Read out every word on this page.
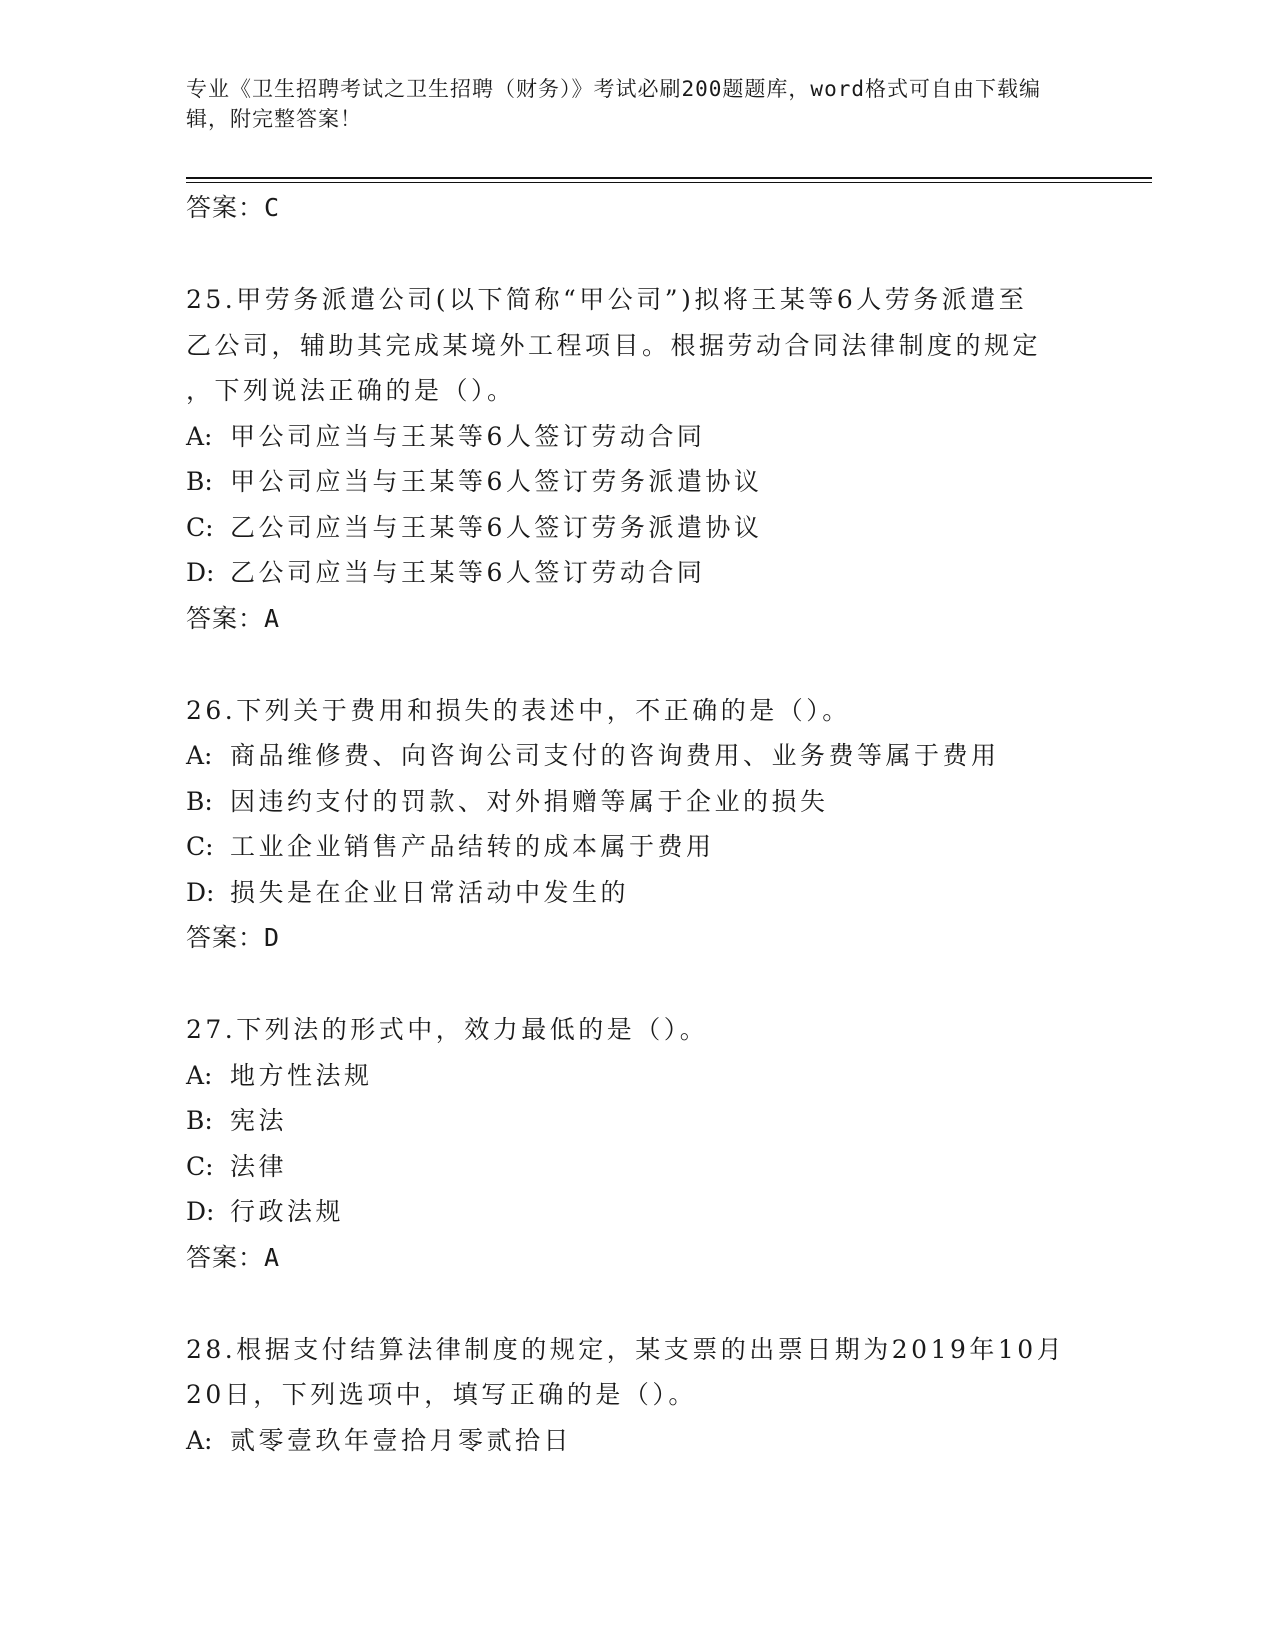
专业《卫生招聘考试之卫生招聘（财务）》考试必刷200题题库，word格式可自由下载编辑，附完整答案！
答案：C
25.甲劳务派遣公司(以下简称“甲公司”)拟将王某等6人劳务派遣至
乙公司，辅助其完成某境外工程项目。根据劳动合同法律制度的规定
，下列说法正确的是（）。
A: 甲公司应当与王某等6人签订劳动合同
B: 甲公司应当与王某等6人签订劳务派遣协议
C: 乙公司应当与王某等6人签订劳务派遣协议
D: 乙公司应当与王某等6人签订劳动合同
答案：A
26.下列关于费用和损失的表述中，不正确的是（）。
A: 商品维修费、向咨询公司支付的咨询费用、业务费等属于费用
B: 因违约支付的罚款、对外捐赠等属于企业的损失
C: 工业企业销售产品结转的成本属于费用
D: 损失是在企业日常活动中发生的
答案：D
27.下列法的形式中，效力最低的是（）。
A: 地方性法规
B: 宪法
C: 法律
D: 行政法规
答案：A
28.根据支付结算法律制度的规定，某支票的出票日期为2019年10月
20日，下列选项中，填写正确的是（）。
A: 贰零壹玖年壹拾月零贰拾日
